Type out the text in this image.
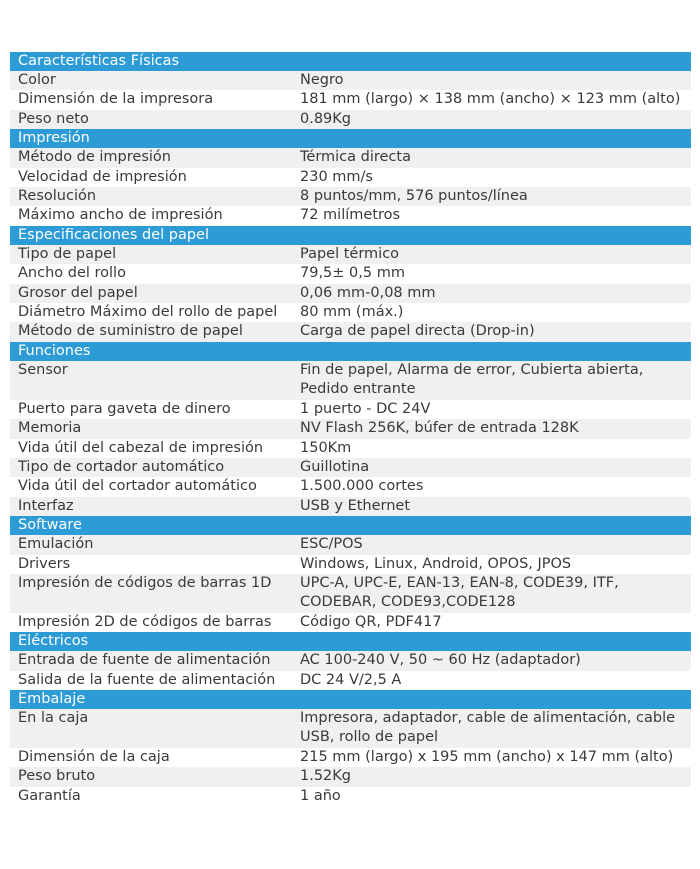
Características Físicas
Color	Negro
Dimensión de la impresora	181 mm (largo) × 138 mm (ancho) × 123 mm (alto)
Peso neto	0.89Kg
Impresión
Método de impresión	Térmica directa
Velocidad de impresión	230 mm/s
Resolución	8 puntos/mm, 576 puntos/línea
Máximo ancho de impresión	72 milímetros
Especificaciones del papel
Tipo de papel	Papel térmico
Ancho del rollo	79,5± 0,5 mm
Grosor del papel	0,06 mm-0,08 mm
Diámetro Máximo del rollo de papel	80 mm (máx.)
Método de suministro de papel	Carga de papel directa (Drop-in)
Funciones
Sensor	Fin de papel, Alarma de error, Cubierta abierta, Pedido entrante
Puerto para gaveta de dinero	1 puerto - DC 24V
Memoria	NV Flash 256K, búfer de entrada 128K
Vida útil del cabezal de impresión	150Km
Tipo de cortador automático	Guillotina
Vida útil del cortador automático	1.500.000 cortes
Interfaz	USB y Ethernet
Software
Emulación	ESC/POS
Drivers	Windows, Linux, Android, OPOS, JPOS
Impresión de códigos de barras 1D	UPC-A, UPC-E, EAN-13, EAN-8, CODE39, ITF, CODEBAR, CODE93,CODE128
Impresión 2D de códigos de barras	Código QR, PDF417
Eléctricos
Entrada de fuente de alimentación	AC 100-240 V, 50 ~ 60 Hz (adaptador)
Salida de la fuente de alimentación	DC 24 V/2,5 A
Embalaje
En la caja	Impresora, adaptador, cable de alimentación, cable USB, rollo de papel
Dimensión de la caja	215 mm (largo) x 195 mm (ancho) x 147 mm (alto)
Peso bruto	1.52Kg
Garantía	1 año
